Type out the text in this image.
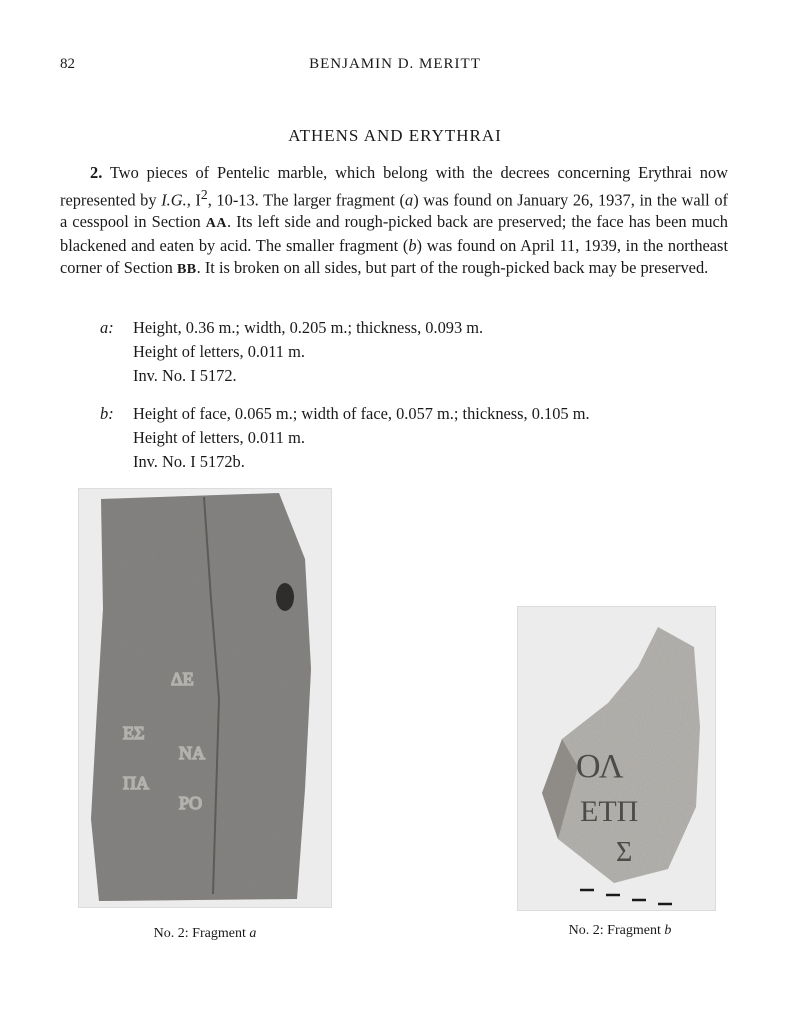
82	BENJAMIN D. MERITT
ATHENS AND ERYTHRAI

2. Two pieces of Pentelic marble, which belong with the decrees concerning Erythrai now represented by I.G., $I^2$, 10-13. The larger fragment (a) was found on January 26, 1937, in the wall of a cesspool in Section AA. Its left side and rough-picked back are preserved; the face has been much blackened and eaten by acid. The smaller fragment (b) was found on April 11, 1939, in the northeast corner of Section BB. It is broken on all sides, but part of the rough-picked back may be preserved.

a: Height, 0.36 m.; width, 0.205 m.; thickness, 0.093 m.
Height of letters, 0.011 m.
Inv. No. I 5172.
b: Height of face, 0.065 m.; width of face, 0.057 m.; thickness, 0.105 m.
Height of letters, 0.011 m.
Inv. No. I 5172b.
ΔΕ
ΕΣ
ΠΑ
ΝΑ
ΡΟ
ΟΛ
ΕΤΠ
Σ
No. 2: Fragment a	No. 2: Fragment b
